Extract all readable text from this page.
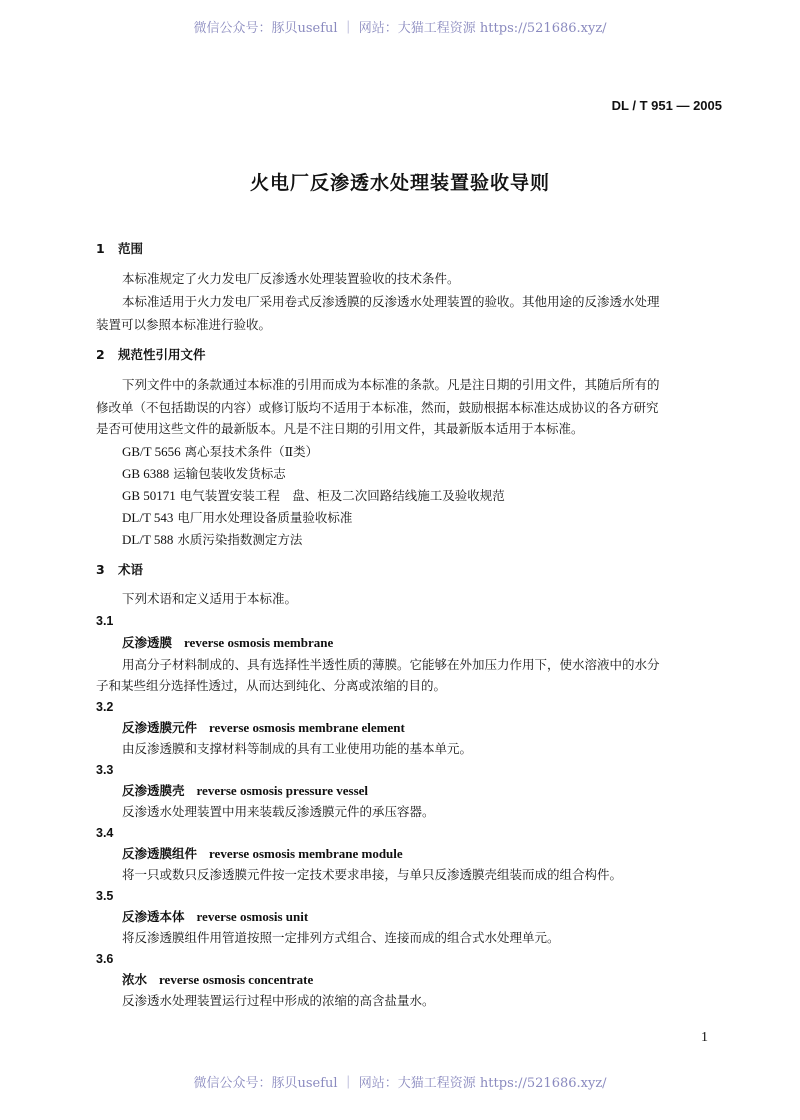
微信公众号：豚贝useful ｜ 网站：大猫工程资源 https://521686.xyz/
DL / T 951 — 2005
火电厂反渗透水处理装置验收导则
1 范围
本标准规定了火力发电厂反渗透水处理装置验收的技术条件。
本标准适用于火力发电厂采用卷式反渗透膜的反渗透水处理装置的验收。其他用途的反渗透水处理
装置可以参照本标准进行验收。
2 规范性引用文件
下列文件中的条款通过本标准的引用而成为本标准的条款。凡是注日期的引用文件，其随后所有的
修改单（不包括勘误的内容）或修订版均不适用于本标准，然而，鼓励根据本标准达成协议的各方研究
是否可使用这些文件的最新版本。凡是不注日期的引用文件，其最新版本适用于本标准。
GB/T 5656 离心泵技术条件（Ⅱ类）
GB 6388 运输包装收发货标志
GB 50171 电气装置安装工程　盘、柜及二次回路结线施工及验收规范
DL/T 543 电厂用水处理设备质量验收标准
DL/T 588 水质污染指数测定方法
3 术语
下列术语和定义适用于本标准。
3.1
反渗透膜 reverse osmosis membrane
用高分子材料制成的、具有选择性半透性质的薄膜。它能够在外加压力作用下，使水溶液中的水分
子和某些组分选择性透过，从而达到纯化、分离或浓缩的目的。
3.2
反渗透膜元件 reverse osmosis membrane element
由反渗透膜和支撑材料等制成的具有工业使用功能的基本单元。
3.3
反渗透膜壳 reverse osmosis pressure vessel
反渗透水处理装置中用来装载反渗透膜元件的承压容器。
3.4
反渗透膜组件 reverse osmosis membrane module
将一只或数只反渗透膜元件按一定技术要求串接，与单只反渗透膜壳组装而成的组合构件。
3.5
反渗透本体 reverse osmosis unit
将反渗透膜组件用管道按照一定排列方式组合、连接而成的组合式水处理单元。
3.6
浓水 reverse osmosis concentrate
反渗透水处理装置运行过程中形成的浓缩的高含盐量水。
1
微信公众号：豚贝useful ｜ 网站：大猫工程资源 https://521686.xyz/
